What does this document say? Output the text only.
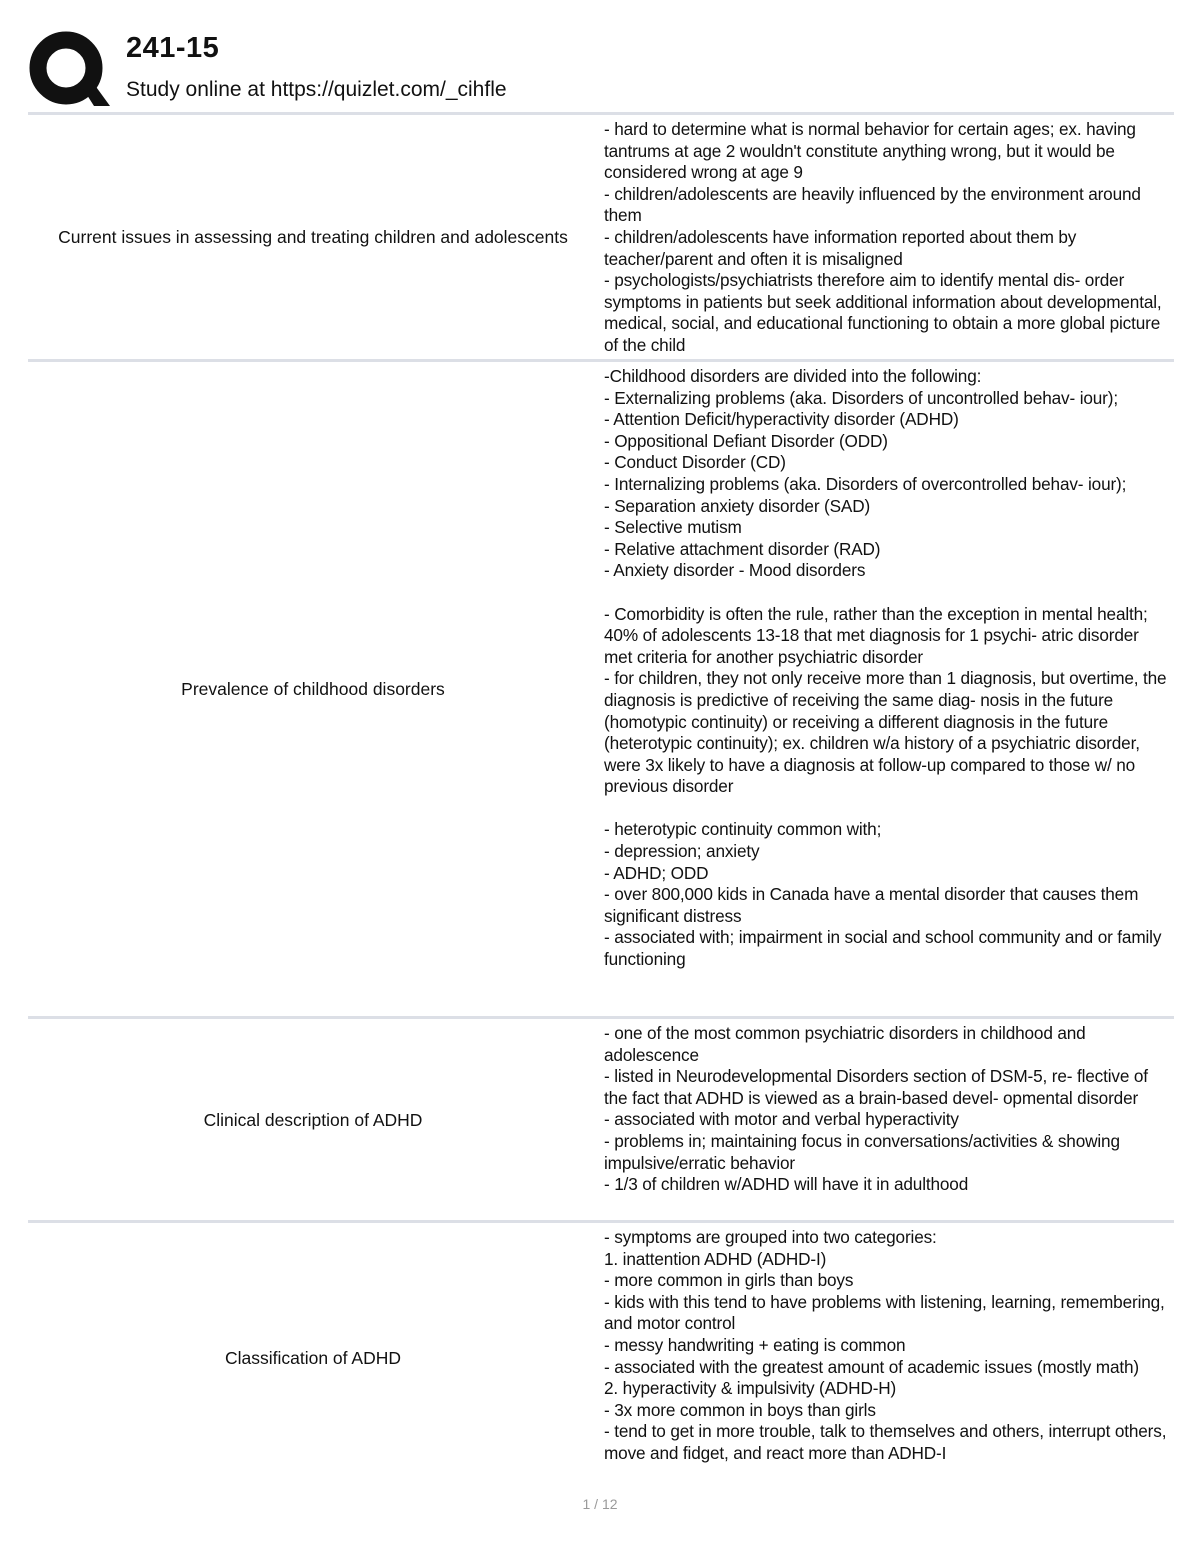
241-15
Study online at https://quizlet.com/_cihfle
Current issues in assessing and treating children and adolescents
- hard to determine what is normal behavior for certain ages; ex. having tantrums at age 2 wouldn't constitute anything wrong, but it would be considered wrong at age 9
- children/adolescents are heavily influenced by the environment around them
- children/adolescents have information reported about them by teacher/parent and often it is misaligned
- psychologists/psychiatrists therefore aim to identify mental dis- order symptoms in patients but seek additional information about developmental, medical, social, and educational functioning to obtain a more global picture of the child
Prevalence of childhood disorders
-Childhood disorders are divided into the following:
- Externalizing problems (aka. Disorders of uncontrolled behav- iour);
- Attention Deficit/hyperactivity disorder (ADHD)
- Oppositional Defiant Disorder (ODD)
- Conduct Disorder (CD)
- Internalizing problems (aka. Disorders of overcontrolled behav- iour);
- Separation anxiety disorder (SAD)
- Selective mutism
- Relative attachment disorder (RAD)
- Anxiety disorder - Mood disorders

- Comorbidity is often the rule, rather than the exception in mental health; 40% of adolescents 13-18 that met diagnosis for 1 psychi- atric disorder met criteria for another psychiatric disorder
- for children, they not only receive more than 1 diagnosis, but overtime, the diagnosis is predictive of receiving the same diag- nosis in the future (homotypic continuity) or receiving a different diagnosis in the future (heterotypic continuity); ex. children w/a history of a psychiatric disorder, were 3x likely to have a diagnosis at follow-up compared to those w/ no previous disorder

- heterotypic continuity common with;
- depression; anxiety
- ADHD; ODD
- over 800,000 kids in Canada have a mental disorder that causes them significant distress
- associated with; impairment in social and school community and or family functioning
Clinical description of ADHD
- one of the most common psychiatric disorders in childhood and adolescence
- listed in Neurodevelopmental Disorders section of DSM-5, re- flective of the fact that ADHD is viewed as a brain-based devel- opmental disorder
- associated with motor and verbal hyperactivity
- problems in; maintaining focus in conversations/activities & showing impulsive/erratic behavior
- 1/3 of children w/ADHD will have it in adulthood
Classification of ADHD
- symptoms are grouped into two categories:
1. inattention ADHD (ADHD-I)
- more common in girls than boys
- kids with this tend to have problems with listening, learning, remembering, and motor control
- messy handwriting + eating is common
- associated with the greatest amount of academic issues (mostly math)
2. hyperactivity & impulsivity (ADHD-H)
- 3x more common in boys than girls
- tend to get in more trouble, talk to themselves and others, interrupt others, move and fidget, and react more than ADHD-I
1 / 12
